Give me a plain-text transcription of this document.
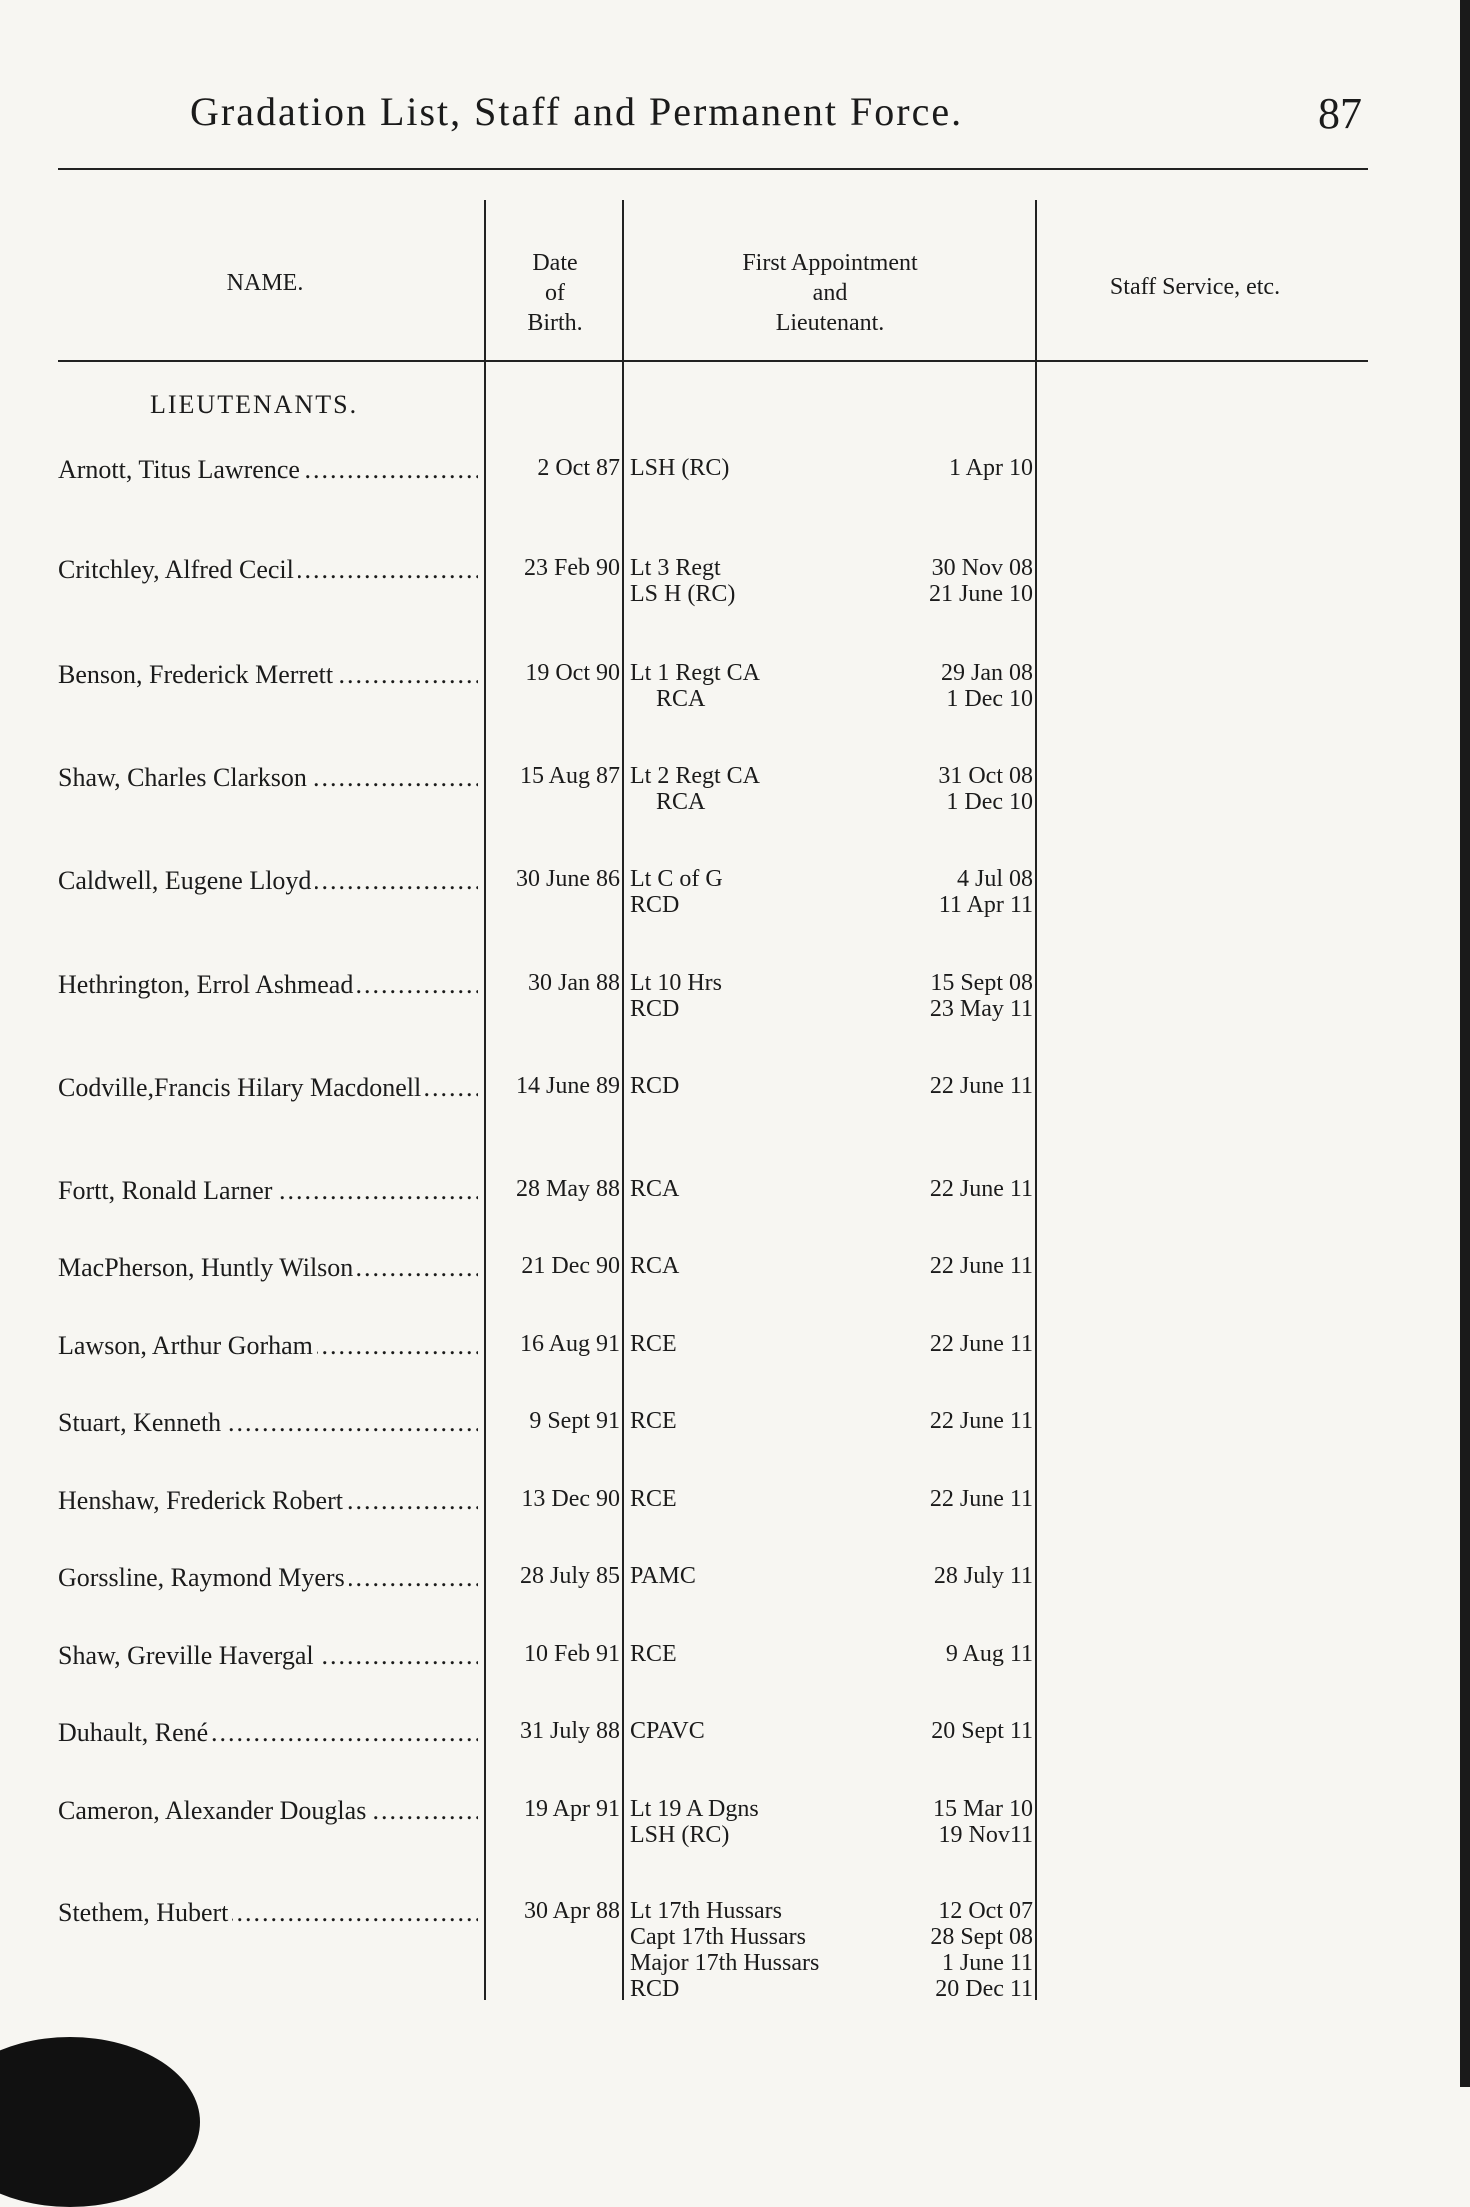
Gradation List, Staff and Permanent Force.	87
NAME.
Date
of
Birth.
First Appointment
and
Lieutenant.
Staff Service, etc.
LIEUTENANTS.
Arnott, Titus Lawrence .....	2 Oct 87 LSH (RC)	1 Apr 10
Critchley, Alfred Cecil .....	23 Feb 90 Lt 3 Regt	30 Nov 08
LS H (RC)	21 June 10
Benson, Frederick Merrett .....	19 Oct 90 Lt 1 Regt CA	29 Jan 08
RCA	1 Dec 10
Shaw, Charles Clarkson .....	15 Aug 87 Lt 2 Regt CA	31 Oct 08
RCA	1 Dec 10
Caldwell, Eugene Lloyd .....	30 June 86 Lt C of G	4 Jul 08
RCD	11 Apr 11
Hethrington, Errol Ashmead .....	30 Jan 88 Lt 10 Hrs	15 Sept 08
RCD	23 May 11
Codville,Francis Hilary Macdonell .....	14 June 89 RCD	22 June 11
Fortt, Ronald Larner .....	28 May 88 RCA	22 June 11
MacPherson, Huntly Wilson .....	21 Dec 90 RCA	22 June 11
Lawson, Arthur Gorham .....	16 Aug 91 RCE	22 June 11
Stuart, Kenneth .....	9 Sept 91 RCE	22 June 11
Henshaw, Frederick Robert .....	13 Dec 90 RCE	22 June 11
Gorssline, Raymond Myers .....	28 July 85 PAMC	28 July 11
Shaw, Greville Havergal .....	10 Feb 91 RCE	9 Aug 11
Duhault, René .....	31 July 88 CPAVC	20 Sept 11
Cameron, Alexander Douglas .....	19 Apr 91 Lt 19 A Dgns	15 Mar 10
LSH (RC)	19 Nov11
Stethem, Hubert .....	30 Apr 88 Lt 17th Hussars	12 Oct 07
Capt 17th Hussars	28 Sept 08
Major 17th Hussars	1 June 11
RCD	20 Dec 11
